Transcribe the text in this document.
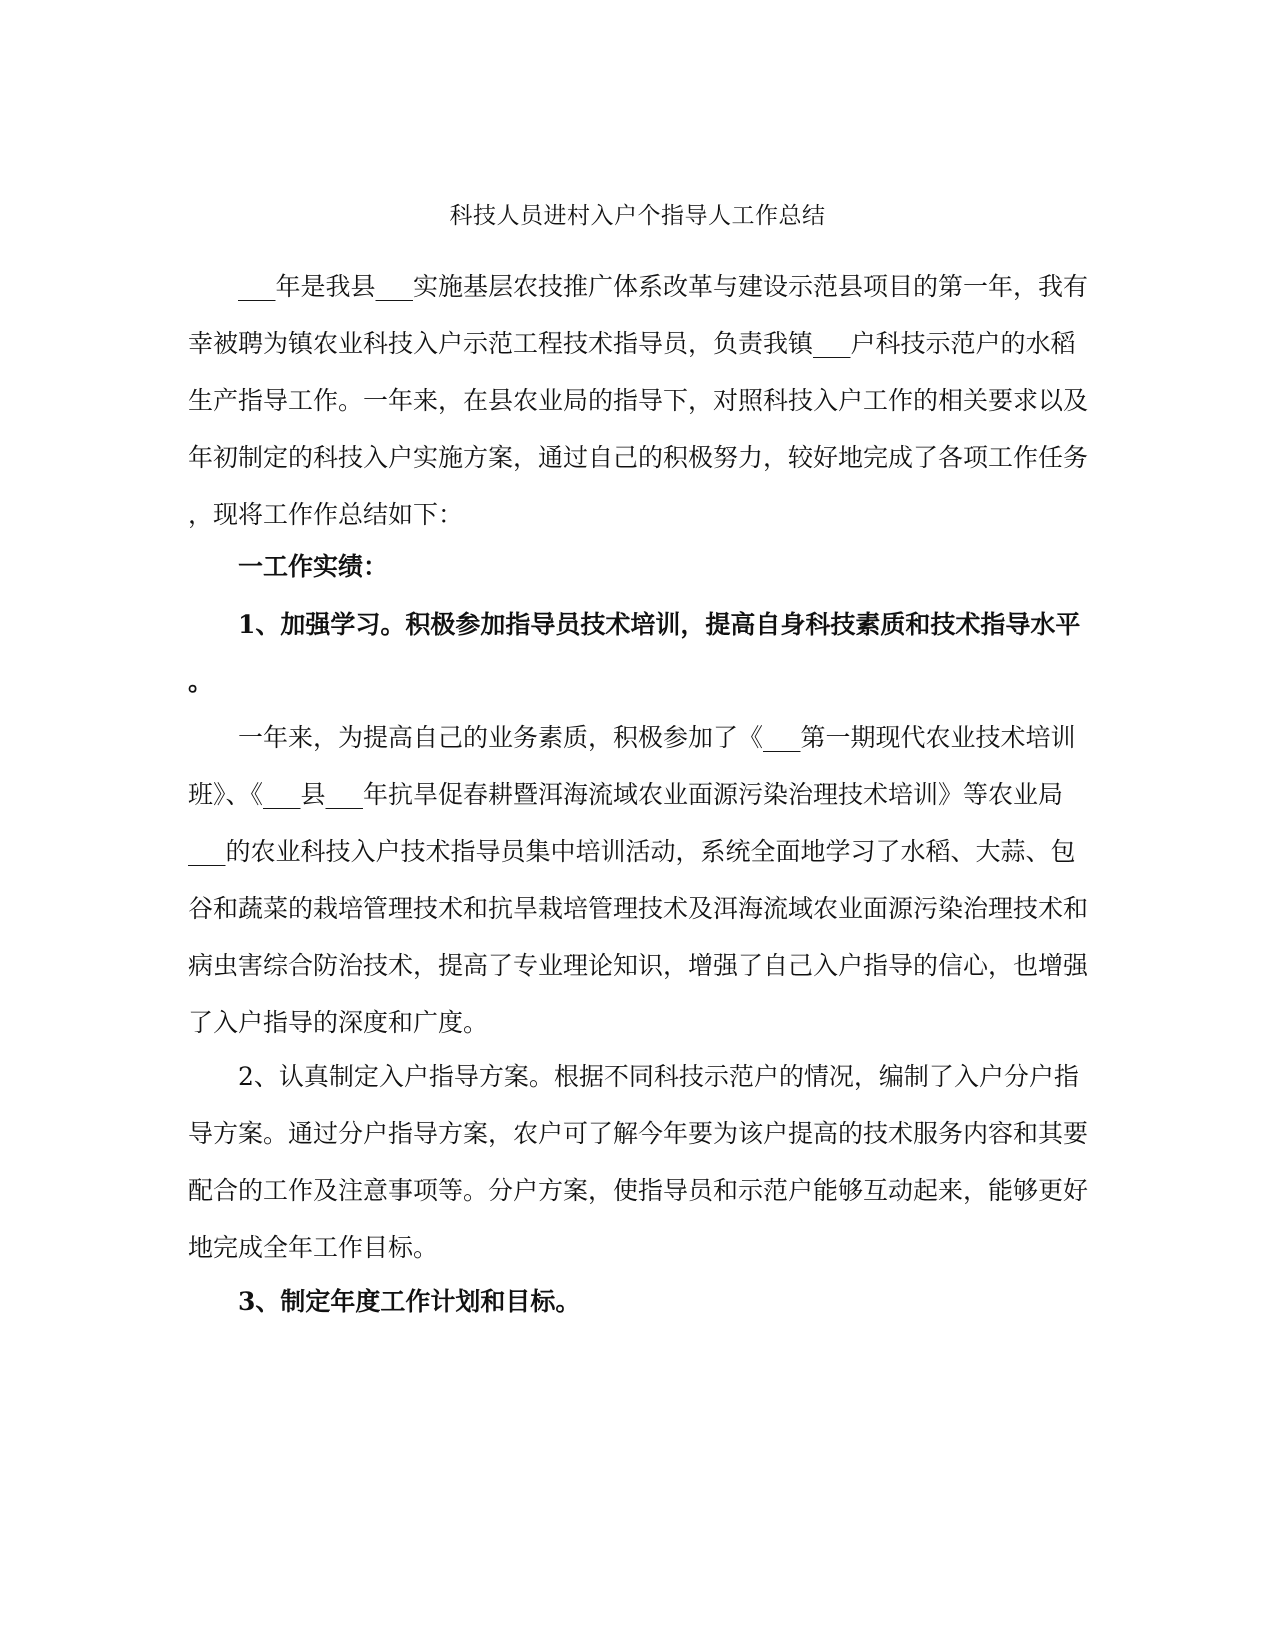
科技人员进村入户个指导人工作总结
___年是我县___实施基层农技推广体系改革与建设示范县项目的第一年，我有
幸被聘为镇农业科技入户示范工程技术指导员，负责我镇___户科技示范户的水稻
生产指导工作。一年来，在县农业局的指导下，对照科技入户工作的相关要求以及
年初制定的科技入户实施方案，通过自己的积极努力，较好地完成了各项工作任务
，现将工作作总结如下：
一工作实绩：
1、加强学习。积极参加指导员技术培训，提高自身科技素质和技术指导水平
。
一年来，为提高自己的业务素质，积极参加了《___第一期现代农业技术培训
班》、《___县___年抗旱促春耕暨洱海流域农业面源污染治理技术培训》等农业局
___的农业科技入户技术指导员集中培训活动，系统全面地学习了水稻、大蒜、包
谷和蔬菜的栽培管理技术和抗旱栽培管理技术及洱海流域农业面源污染治理技术和
病虫害综合防治技术，提高了专业理论知识，增强了自己入户指导的信心，也增强
了入户指导的深度和广度。
2、认真制定入户指导方案。根据不同科技示范户的情况，编制了入户分户指
导方案。通过分户指导方案，农户可了解今年要为该户提高的技术服务内容和其要
配合的工作及注意事项等。分户方案，使指导员和示范户能够互动起来，能够更好
地完成全年工作目标。
3、制定年度工作计划和目标。
